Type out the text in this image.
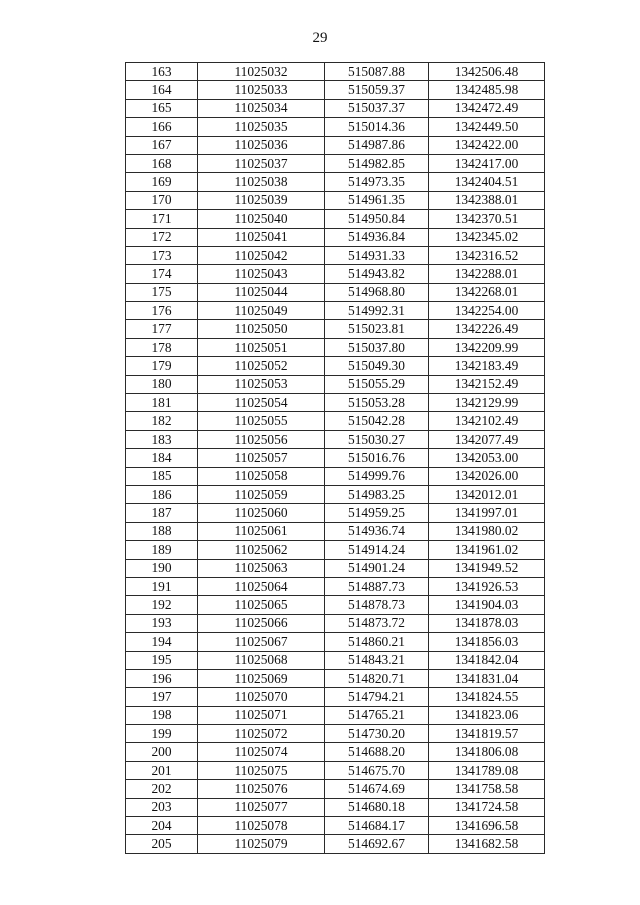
29
163	11025032	515087.88	1342506.48
164	11025033	515059.37	1342485.98
165	11025034	515037.37	1342472.49
166	11025035	515014.36	1342449.50
167	11025036	514987.86	1342422.00
168	11025037	514982.85	1342417.00
169	11025038	514973.35	1342404.51
170	11025039	514961.35	1342388.01
171	11025040	514950.84	1342370.51
172	11025041	514936.84	1342345.02
173	11025042	514931.33	1342316.52
174	11025043	514943.82	1342288.01
175	11025044	514968.80	1342268.01
176	11025049	514992.31	1342254.00
177	11025050	515023.81	1342226.49
178	11025051	515037.80	1342209.99
179	11025052	515049.30	1342183.49
180	11025053	515055.29	1342152.49
181	11025054	515053.28	1342129.99
182	11025055	515042.28	1342102.49
183	11025056	515030.27	1342077.49
184	11025057	515016.76	1342053.00
185	11025058	514999.76	1342026.00
186	11025059	514983.25	1342012.01
187	11025060	514959.25	1341997.01
188	11025061	514936.74	1341980.02
189	11025062	514914.24	1341961.02
190	11025063	514901.24	1341949.52
191	11025064	514887.73	1341926.53
192	11025065	514878.73	1341904.03
193	11025066	514873.72	1341878.03
194	11025067	514860.21	1341856.03
195	11025068	514843.21	1341842.04
196	11025069	514820.71	1341831.04
197	11025070	514794.21	1341824.55
198	11025071	514765.21	1341823.06
199	11025072	514730.20	1341819.57
200	11025074	514688.20	1341806.08
201	11025075	514675.70	1341789.08
202	11025076	514674.69	1341758.58
203	11025077	514680.18	1341724.58
204	11025078	514684.17	1341696.58
205	11025079	514692.67	1341682.58
